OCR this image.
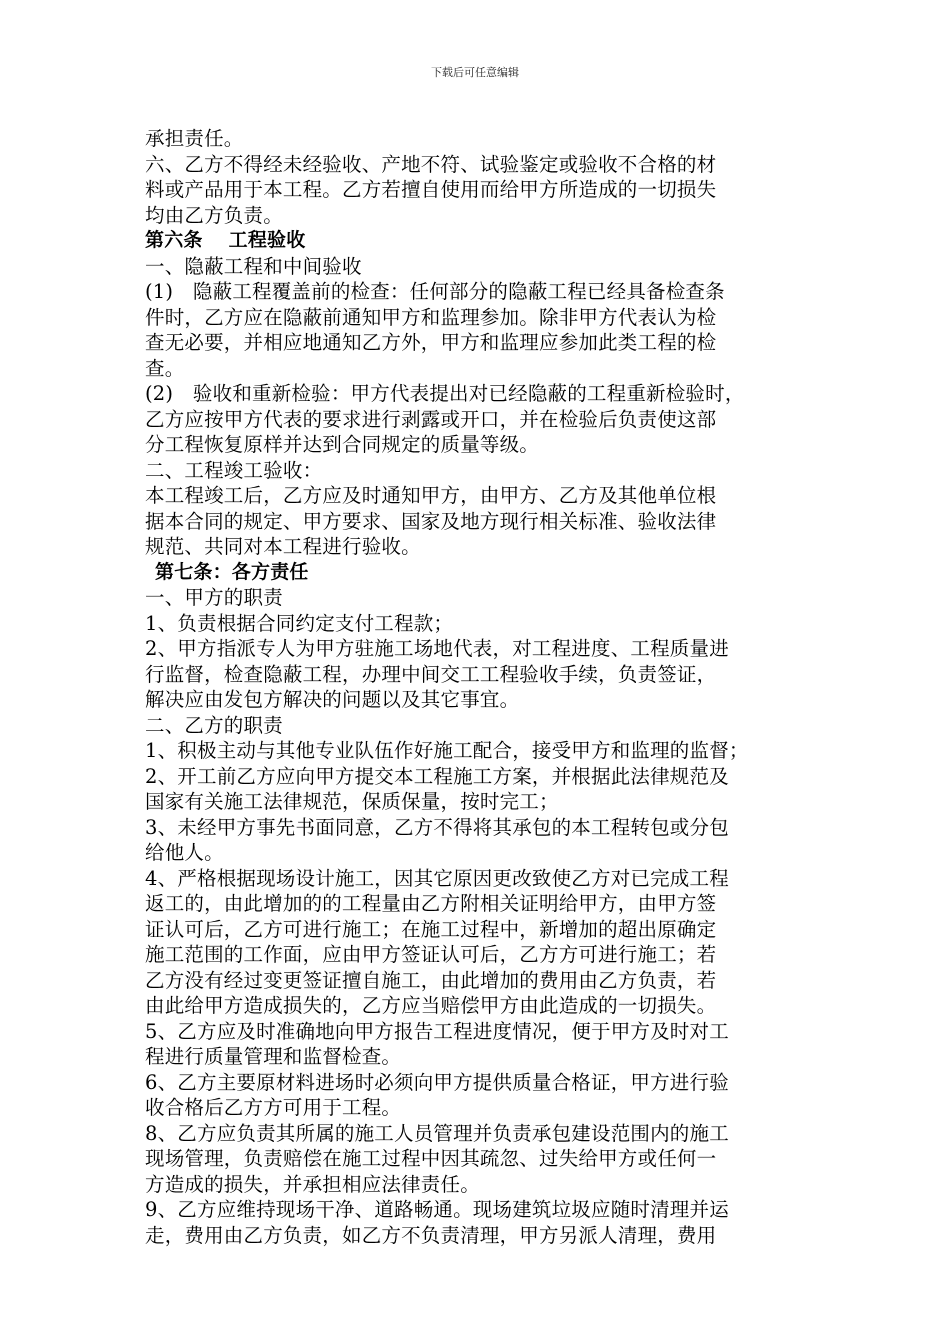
下载后可任意编辑
承担责任。
六、乙方不得经未经验收、产地不符、试验鉴定或验收不合格的材
料或产品用于本工程。乙方若擅自使用而给甲方所造成的一切损失
均由乙方负责。
第六条　 工程验收
一、隐蔽工程和中间验收
(1)　隐蔽工程覆盖前的检查：任何部分的隐蔽工程已经具备检查条
件时，乙方应在隐蔽前通知甲方和监理参加。除非甲方代表认为检
查无必要，并相应地通知乙方外，甲方和监理应参加此类工程的检
查。
(2)　验收和重新检验：甲方代表提出对已经隐蔽的工程重新检验时，
乙方应按甲方代表的要求进行剥露或开口，并在检验后负责使这部
分工程恢复原样并达到合同规定的质量等级。
二、工程竣工验收：
本工程竣工后，乙方应及时通知甲方，由甲方、乙方及其他单位根
据本合同的规定、甲方要求、国家及地方现行相关标准、验收法律
规范、共同对本工程进行验收。
第七条：各方责任
一、甲方的职责
1、负责根据合同约定支付工程款；
2、甲方指派专人为甲方驻施工场地代表，对工程进度、工程质量进
行监督，检查隐蔽工程，办理中间交工工程验收手续，负责签证，
解决应由发包方解决的问题以及其它事宜。
二、乙方的职责
1、积极主动与其他专业队伍作好施工配合，接受甲方和监理的监督；
2、开工前乙方应向甲方提交本工程施工方案，并根据此法律规范及
国家有关施工法律规范，保质保量，按时完工；
3、未经甲方事先书面同意，乙方不得将其承包的本工程转包或分包
给他人。
4、严格根据现场设计施工，因其它原因更改致使乙方对已完成工程
返工的，由此增加的的工程量由乙方附相关证明给甲方，由甲方签
证认可后，乙方可进行施工；在施工过程中，新增加的超出原确定
施工范围的工作面，应由甲方签证认可后，乙方方可进行施工；若
乙方没有经过变更签证擅自施工，由此增加的费用由乙方负责，若
由此给甲方造成损失的，乙方应当赔偿甲方由此造成的一切损失。
5、乙方应及时准确地向甲方报告工程进度情况，便于甲方及时对工
程进行质量管理和监督检查。
6、乙方主要原材料进场时必须向甲方提供质量合格证，甲方进行验
收合格后乙方方可用于工程。
8、乙方应负责其所属的施工人员管理并负责承包建设范围内的施工
现场管理，负责赔偿在施工过程中因其疏忽、过失给甲方或任何一
方造成的损失，并承担相应法律责任。
9、乙方应维持现场干净、道路畅通。现场建筑垃圾应随时清理并运
走，费用由乙方负责，如乙方不负责清理，甲方另派人清理，费用
